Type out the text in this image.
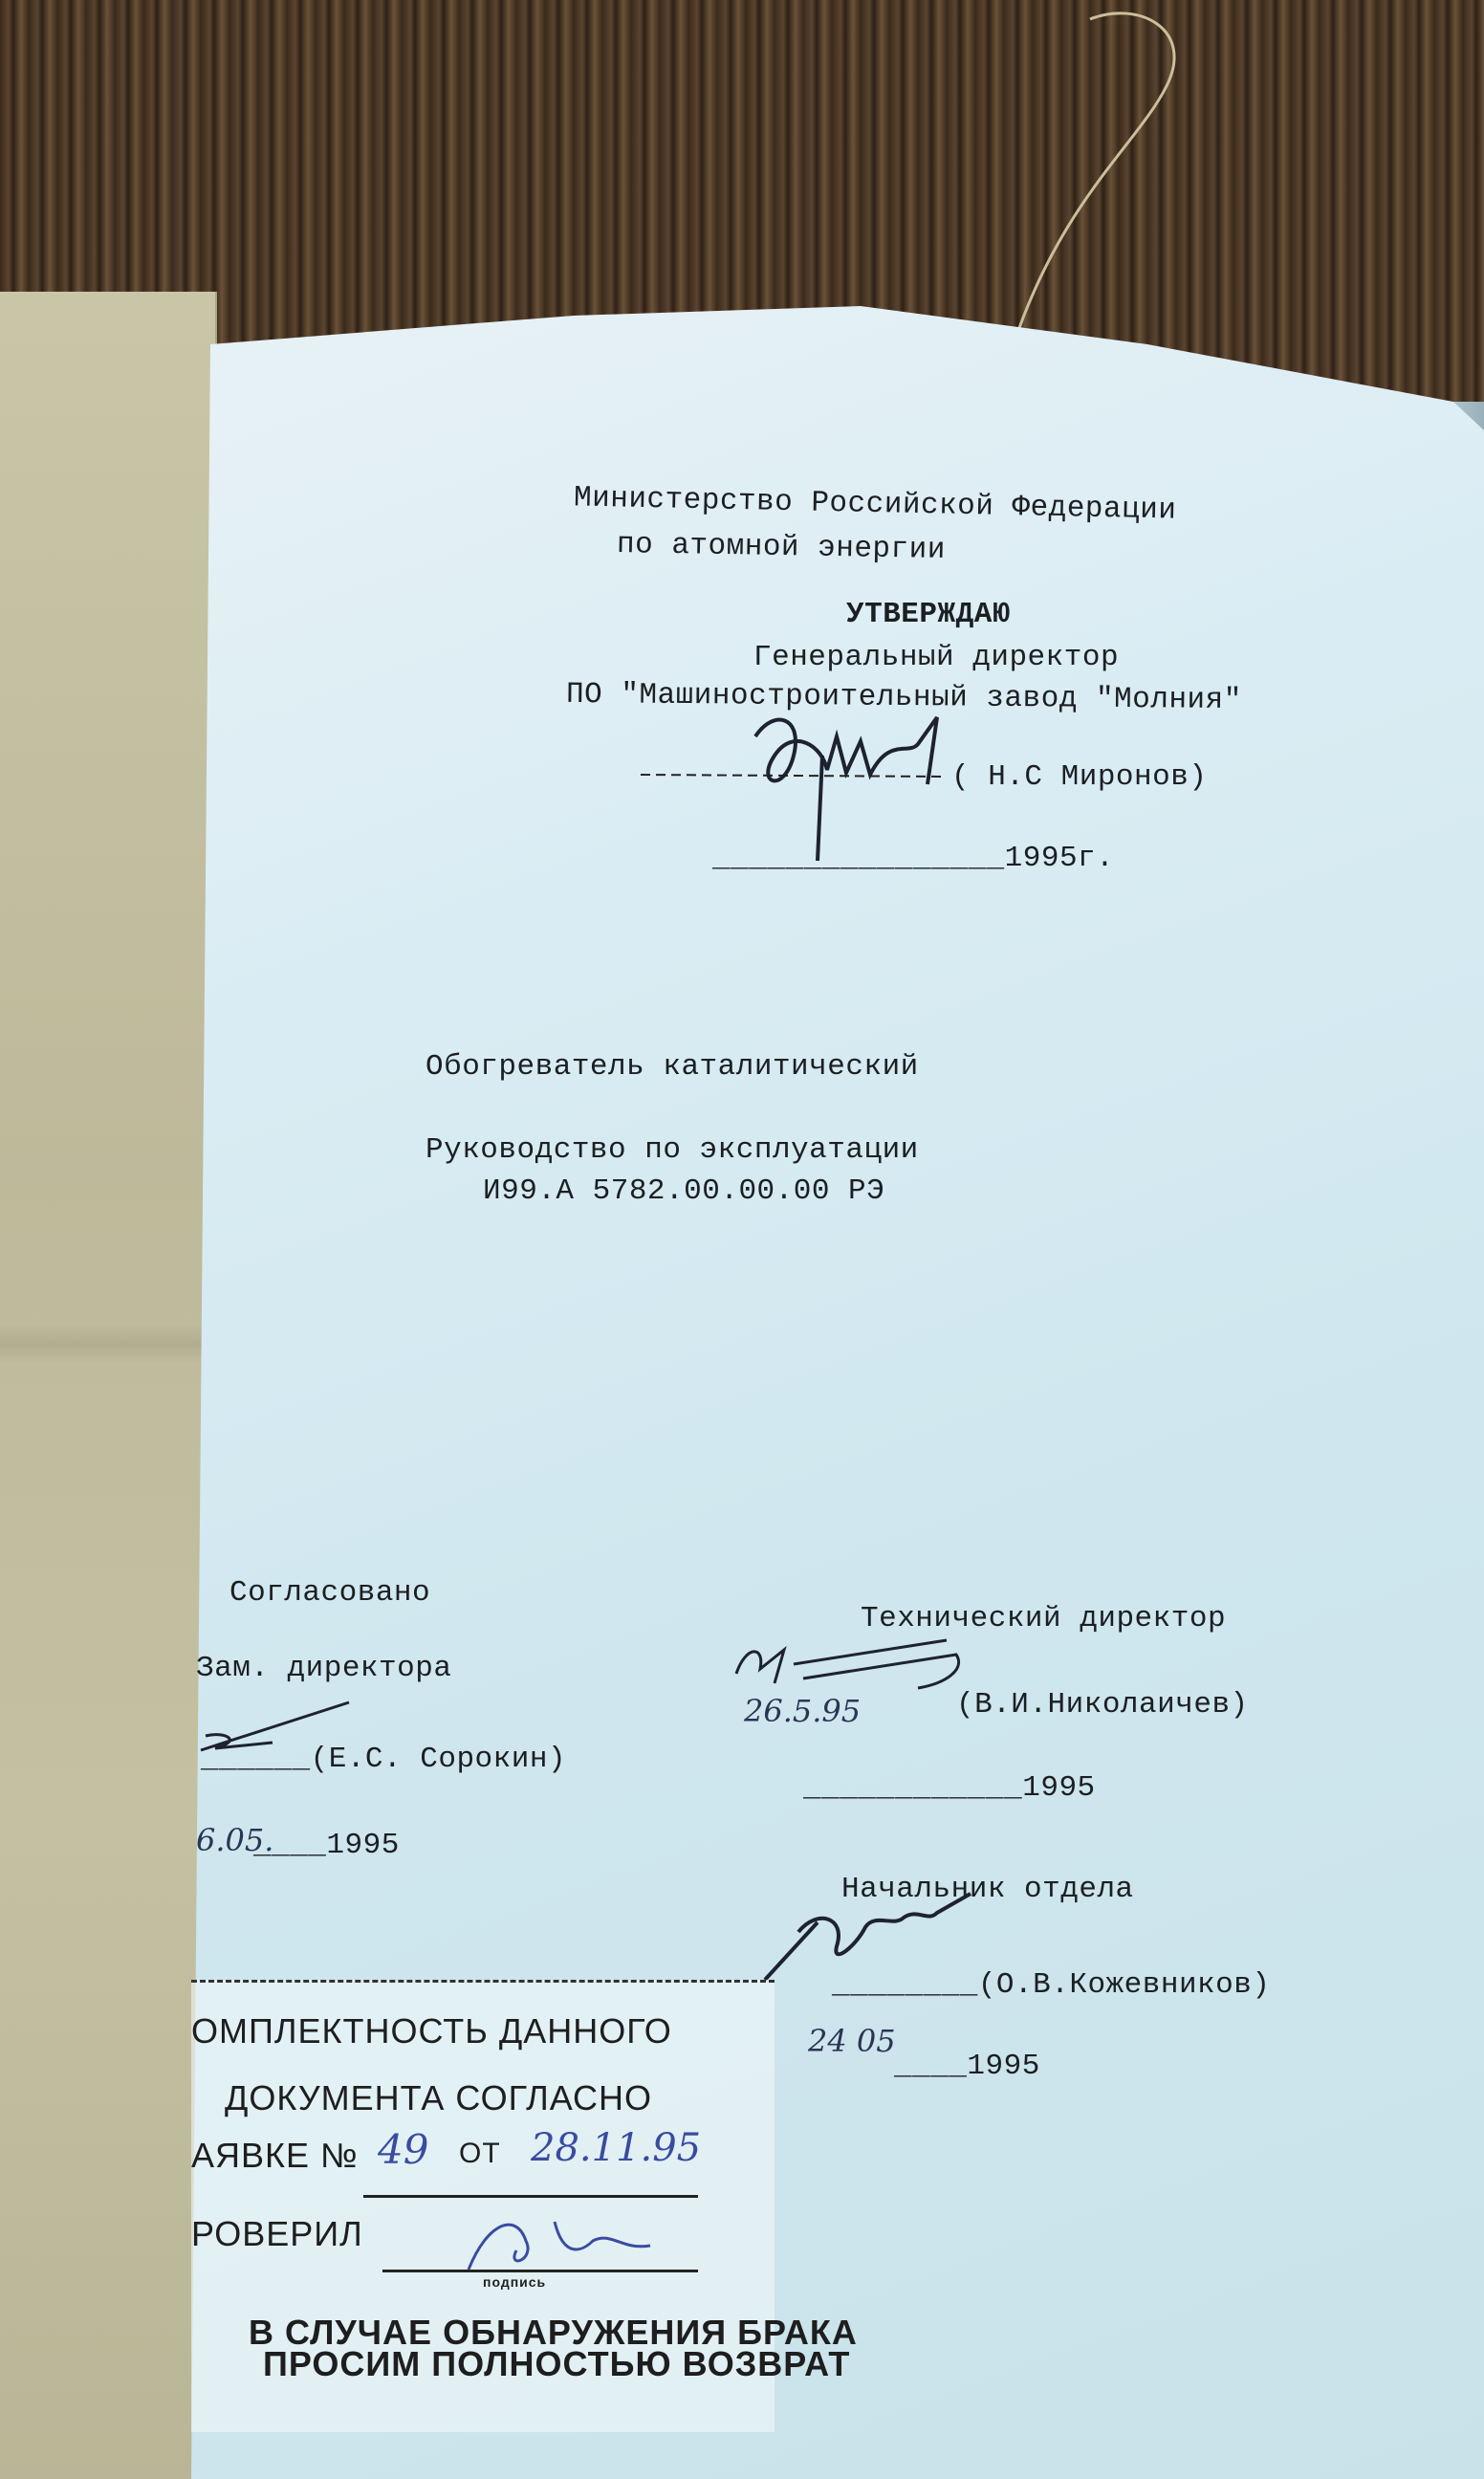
Министерство Российской Федерации
по атомной энергии
УТВЕРЖДАЮ
Генеральный директор
ПО "Машиностроительный завод "Молния"
( Н.С Миронов)
________________1995г.
Обогреватель каталитический
Руководство по эксплуатации
И99.А 5782.00.00.00 РЭ
Согласовано
Зам. директора
______(Е.С. Сорокин)
6.05.
____1995
Технический директор
26.5.95	(В.И.Николаичев)
____________1995
Начальник отдела
________(О.В.Кожевников)
24 05
____1995
ОМПЛЕКТНОСТЬ ДАННОГО
ДОКУМЕНТА СОГЛАСНО
АЯВКЕ № 49 ОТ 28.11.95
РОВЕРИЛ
подпись
В СЛУЧАЕ ОБНАРУЖЕНИЯ БРАКА
ПРОСИМ ПОЛНОСТЬЮ ВОЗВРАТ
